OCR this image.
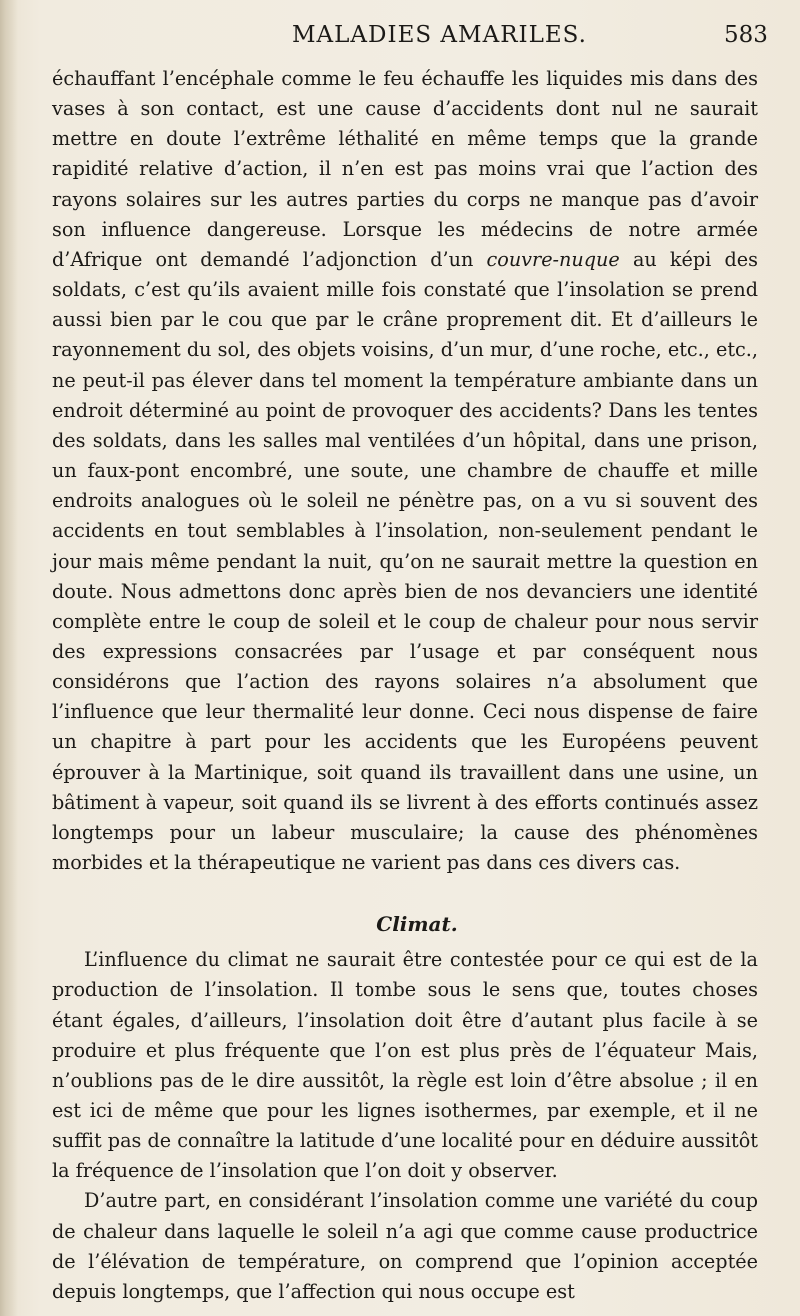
MALADIES AMARILES.	583

échauffant l’encéphale comme le feu échauffe les liquides mis dans des vases à son contact, est une cause d’accidents dont nul ne saurait mettre en doute l’extrême léthalité en même temps que la grande rapidité relative d’action, il n’en est pas moins vrai que l’action des rayons solaires sur les autres parties du corps ne manque pas d’avoir son influence dangereuse. Lorsque les médecins de notre armée d’Afrique ont demandé l’adjonction d’un couvre-nuque au képi des soldats, c’est qu’ils avaient mille fois constaté que l’insolation se prend aussi bien par le cou que par le crâne proprement dit. Et d’ailleurs le rayonnement du sol, des objets voisins, d’un mur, d’une roche, etc., etc., ne peut-il pas élever dans tel moment la température ambiante dans un endroit déterminé au point de provoquer des accidents? Dans les tentes des soldats, dans les salles mal ventilées d’un hôpital, dans une prison, un faux-pont encombré, une soute, une chambre de chauffe et mille endroits analogues où le soleil ne pénètre pas, on a vu si souvent des accidents en tout semblables à l’insolation, non-seulement pendant le jour mais même pendant la nuit, qu’on ne saurait mettre la question en doute. Nous admettons donc après bien de nos devanciers une identité complète entre le coup de soleil et le coup de chaleur pour nous servir des expressions consacrées par l’usage et par conséquent nous considérons que l’action des rayons solaires n’a absolument que l’influence que leur thermalité leur donne. Ceci nous dispense de faire un chapitre à part pour les accidents que les Européens peuvent éprouver à la Martinique, soit quand ils travaillent dans une usine, un bâtiment à vapeur, soit quand ils se livrent à des efforts continués assez longtemps pour un labeur musculaire; la cause des phénomènes morbides et la thérapeutique ne varient pas dans ces divers cas.

Climat.

L’influence du climat ne saurait être contestée pour ce qui est de la production de l’insolation. Il tombe sous le sens que, toutes choses étant égales, d’ailleurs, l’insolation doit être d’autant plus facile à se produire et plus fréquente que l’on est plus près de l’équateur Mais, n’oublions pas de le dire aussitôt, la règle est loin d’être absolue ; il en est ici de même que pour les lignes isothermes, par exemple, et il ne suffit pas de connaître la latitude d’une localité pour en déduire aussitôt la fréquence de l’insolation que l’on doit y observer.

D’autre part, en considérant l’insolation comme une variété du coup de chaleur dans laquelle le soleil n’a agi que comme cause productrice de l’élévation de température, on comprend que l’opinion acceptée depuis longtemps, que l’affection qui nous occupe est
